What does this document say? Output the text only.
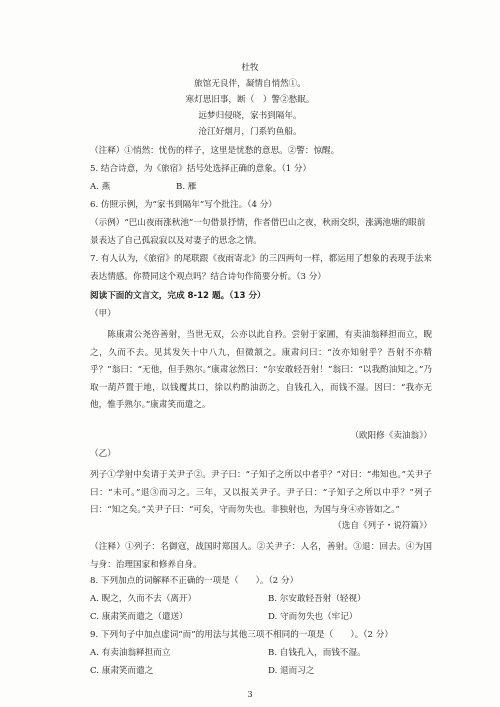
杜牧
旅馆无良伴，凝情自悄然①。
寒灯思旧事，断（　）警②愁眠。
远梦归侵晓，家书到隔年。
沧江好烟月，门系钓鱼船。
（注释）①悄然：忧伤的样子，这里是忧愁的意思。②警：惊醒。
5. 结合诗意，为《旅宿》括号处选择正确的意象。（1 分）
A. 燕	B. 雁
6. 仿照示例，为“家书到隔年”写个批注。（4 分）
（示例）“巴山夜雨涨秋池”一句借景抒情，作者借巴山之夜，秋雨交织，涨满池塘的眼前
景表达了自己孤寂寂以及对妻子的思念之情。
7. 有人认为，《旅宿》的尾联跟《夜雨寄北》的三四两句一样，都运用了想象的表现手法来
表达情感。你赞同这个观点吗？结合诗句作简要分析。（3 分）
阅读下面的文言文，完成 8-12 题。（13 分）
（甲）
陈康肃公尧咨善射，当世无双，公亦以此自矜。尝射于家圃，有卖油翁释担而立，睨之，久而不去。见其发矢十中八九，但微颔之。康肃问曰：“汝亦知射乎？吾射不亦精乎？”翁曰：“无他，但手熟尔。”康肃忿然曰：“尔安敢轻吾射！”翁曰：“以我酌油知之。”乃取一葫芦置于地，以钱覆其口，徐以杓酌油沥之，自钱孔入，而钱不湿。因曰：“我亦无他，惟手熟尔。”康肃笑而遣之。
（欧阳修《卖油翁》）
（乙）
列子①学射中矣请于关尹子②。尹子曰：“子知子之所以中者乎？”对曰：“弗知也。”关尹子曰：“未可。”退③而习之。三年，又以报关尹子。尹子曰：“子知子之所以中乎？”列子曰：“知之矣。”关尹子曰：“可矣，守而勿失也。非独射也，为国与身④亦皆如之。”
（选自《列子・说符篇》）
（注释）①列子：名御寇，战国时郑国人。②关尹子：人名，善射。③退：回去。④为国与身：治理国家和修养自身。
8. 下列加点的词解释不正确的一项是（　　）。（2 分）
A. 睨之，久而不去（离开）	B. 尔安敢轻吾射（轻视）
C. 康肃笑而遣之（遣送）	D. 守而勿失也（牢记）
9. 下列句子中加点虚词“而”的用法与其他三项不相同的一项是（　　）。（2 分）
A. 有卖油翁释担而立	B. 自钱孔入，而钱不湿。
C. 康肃笑而遣之	D. 退而习之
3
